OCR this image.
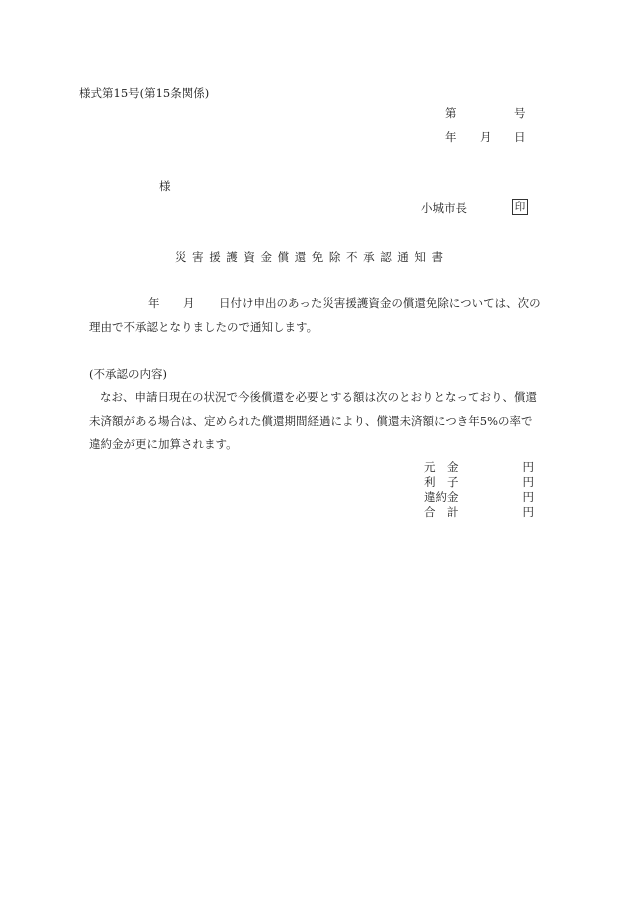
様式第15号(第15条関係)
第	号
年 月 日
様
小城市長	印
災害援護資金償還免除不承認通知書
年 月 日付け申出のあった災害援護資金の償還免除については、次の
理由で不承認となりましたので通知します。
(不承認の内容)
なお、申請日現在の状況で今後償還を必要とする額は次のとおりとなっており、償還
未済額がある場合は、定められた償還期間経過により、償還未済額につき年5%の率で
違約金が更に加算されます。
元　金	円
利　子	円
違約金	円
合　計	円
